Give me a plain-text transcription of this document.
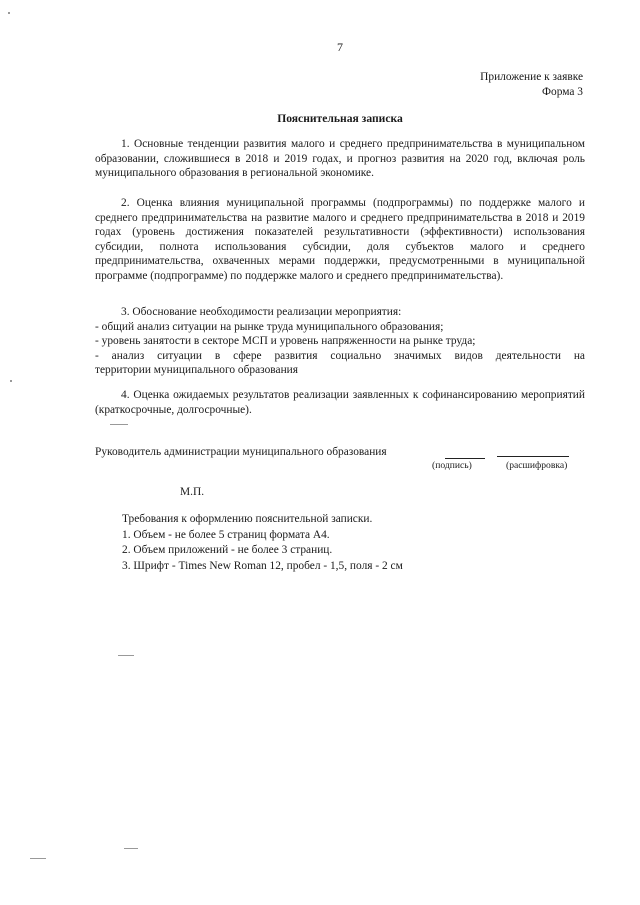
7
Приложение к заявке
Форма 3
Пояснительная записка
1. Основные тенденции развития малого и среднего предпринимательства в муниципальном образовании, сложившиеся в 2018 и 2019 годах, и прогноз развития на 2020 год, включая роль муниципального образования в региональной экономике.
2. Оценка влияния муниципальной программы (подпрограммы) по поддержке малого и среднего предпринимательства на развитие малого и среднего предпринимательства в 2018 и 2019 годах (уровень достижения показателей результативности (эффективности) использования субсидии, полнота использования субсидии, доля субъектов малого и среднего предпринимательства, охваченных мерами поддержки, предусмотренными в муниципальной программе (подпрограмме) по поддержке малого и среднего предпринимательства).
3. Обоснование необходимости реализации мероприятия:
- общий анализ ситуации на рынке труда муниципального образования;
- уровень занятости в секторе МСП и уровень напряженности на рынке труда;
- анализ ситуации в сфере развития социально значимых видов деятельности на
территории муниципального образования
4. Оценка ожидаемых результатов реализации заявленных к софинансированию мероприятий (краткосрочные, долгосрочные).
Руководитель администрации муниципального образования
(подпись)	(расшифровка)
М.П.
Требования к оформлению пояснительной записки.
1. Объем - не более 5 страниц формата А4.
2. Объем приложений - не более 3 страниц.
3. Шрифт - Times New Roman 12, пробел - 1,5, поля - 2 см
